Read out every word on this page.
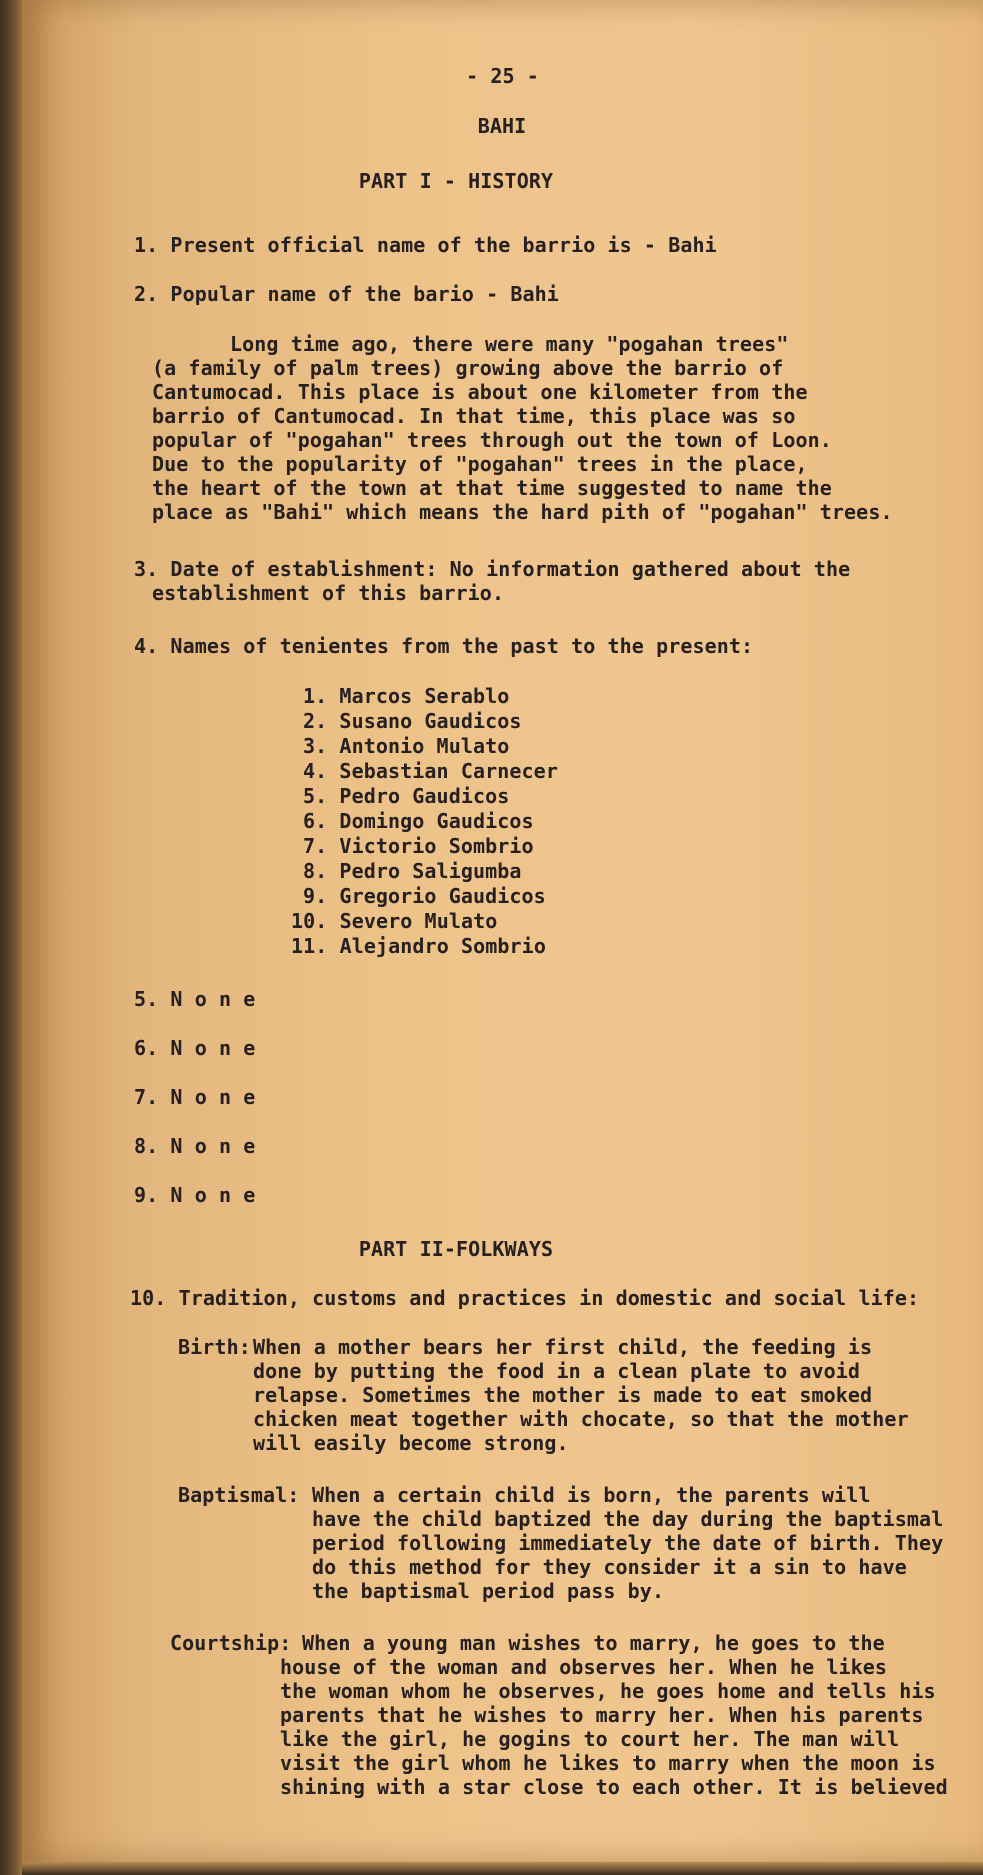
- 25 -
BAHI
PART I - HISTORY
1. Present official name of the barrio is - Bahi
2. Popular name of the bario - Bahi
Long time ago, there were many "pogahan trees"
(a family of palm trees) growing above the barrio of
Cantumocad. This place is about one kilometer from the
barrio of Cantumocad. In that time, this place was so
popular of "pogahan" trees through out the town of Loon.
Due to the popularity of "pogahan" trees in the place,
the heart of the town at that time suggested to name the
place as "Bahi" which means the hard pith of "pogahan" trees.
3. Date of establishment: No information gathered about the
establishment of this barrio.
4. Names of tenientes from the past to the present:
1. Marcos Serablo
2. Susano Gaudicos
3. Antonio Mulato
4. Sebastian Carnecer
5. Pedro Gaudicos
6. Domingo Gaudicos
7. Victorio Sombrio
8. Pedro Saligumba
9. Gregorio Gaudicos
10. Severo Mulato
11. Alejandro Sombrio
5. N o n e
6. N o n e
7. N o n e
8. N o n e
9. N o n e
PART II-FOLKWAYS
10. Tradition, customs and practices in domestic and social life:
Birth: When a mother bears her first child, the feeding is
done by putting the food in a clean plate to avoid
relapse. Sometimes the mother is made to eat smoked
chicken meat together with chocate, so that the mother
will easily become strong.
Baptismal: When a certain child is born, the parents will
have the child baptized the day during the baptismal
period following immediately the date of birth. They
do this method for they consider it a sin to have
the baptismal period pass by.
Courtship: When a young man wishes to marry, he goes to the
house of the woman and observes her. When he likes
the woman whom he observes, he goes home and tells his
parents that he wishes to marry her. When his parents
like the girl, he gogins to court her. The man will
visit the girl whom he likes to marry when the moon is
shining with a star close to each other. It is believed
